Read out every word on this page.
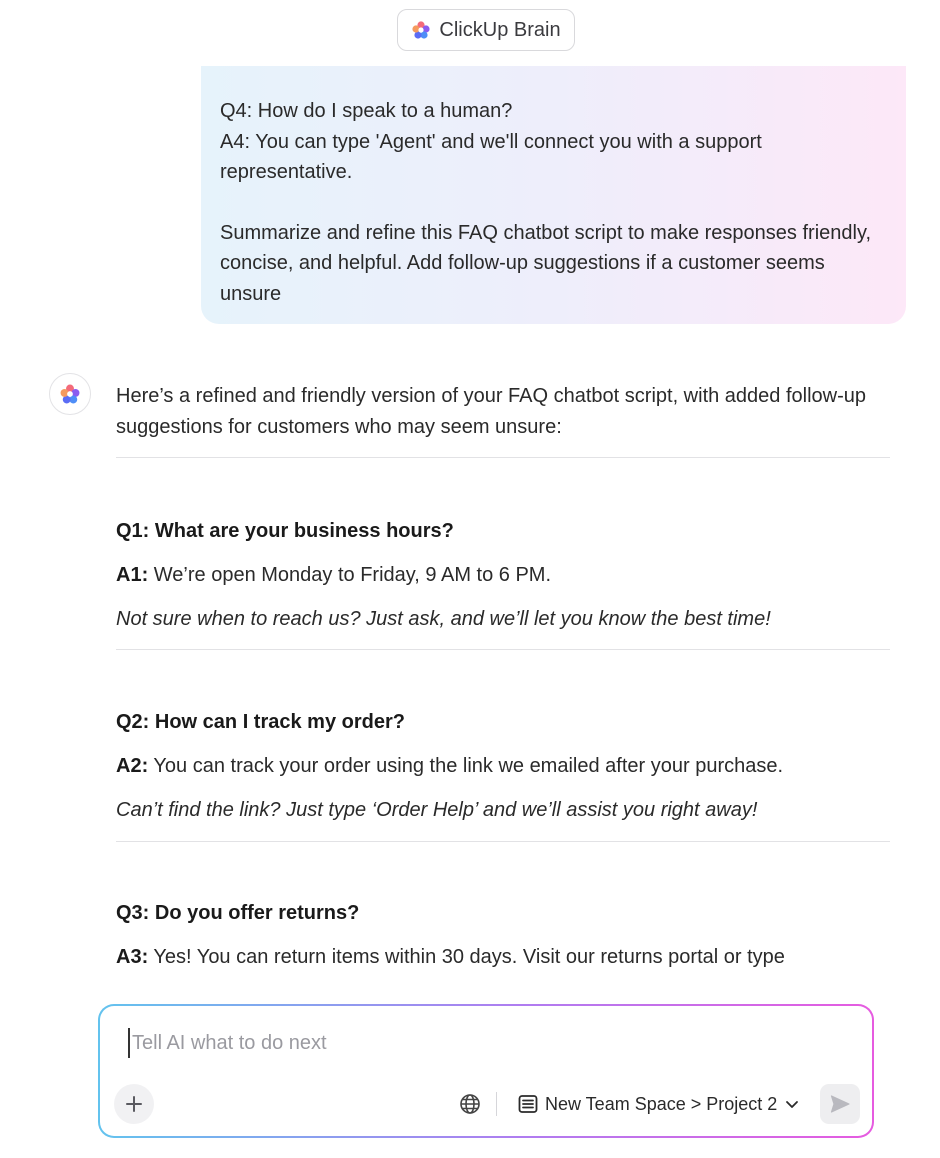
ClickUp Brain

Q4: How do I speak to a human?

A4: You can type 'Agent' and we'll connect you with a support representative.

Summarize and refine this FAQ chatbot script to make responses friendly, concise, and helpful. Add follow-up suggestions if a customer seems unsure

Here’s a refined and friendly version of your FAQ chatbot script, with added follow-up suggestions for customers who may seem unsure:
Q1: What are your business hours?
A1: We’re open Monday to Friday, 9 AM to 6 PM.
Not sure when to reach us? Just ask, and we’ll let you know the best time!
Q2: How can I track my order?
A2: You can track your order using the link we emailed after your purchase.
Can’t find the link? Just type ‘Order Help’ and we’ll assist you right away!
Q3: Do you offer returns?
A3: Yes! You can return items within 30 days. Visit our returns portal or type
Tell AI what to do next
New Team Space > Project 2
